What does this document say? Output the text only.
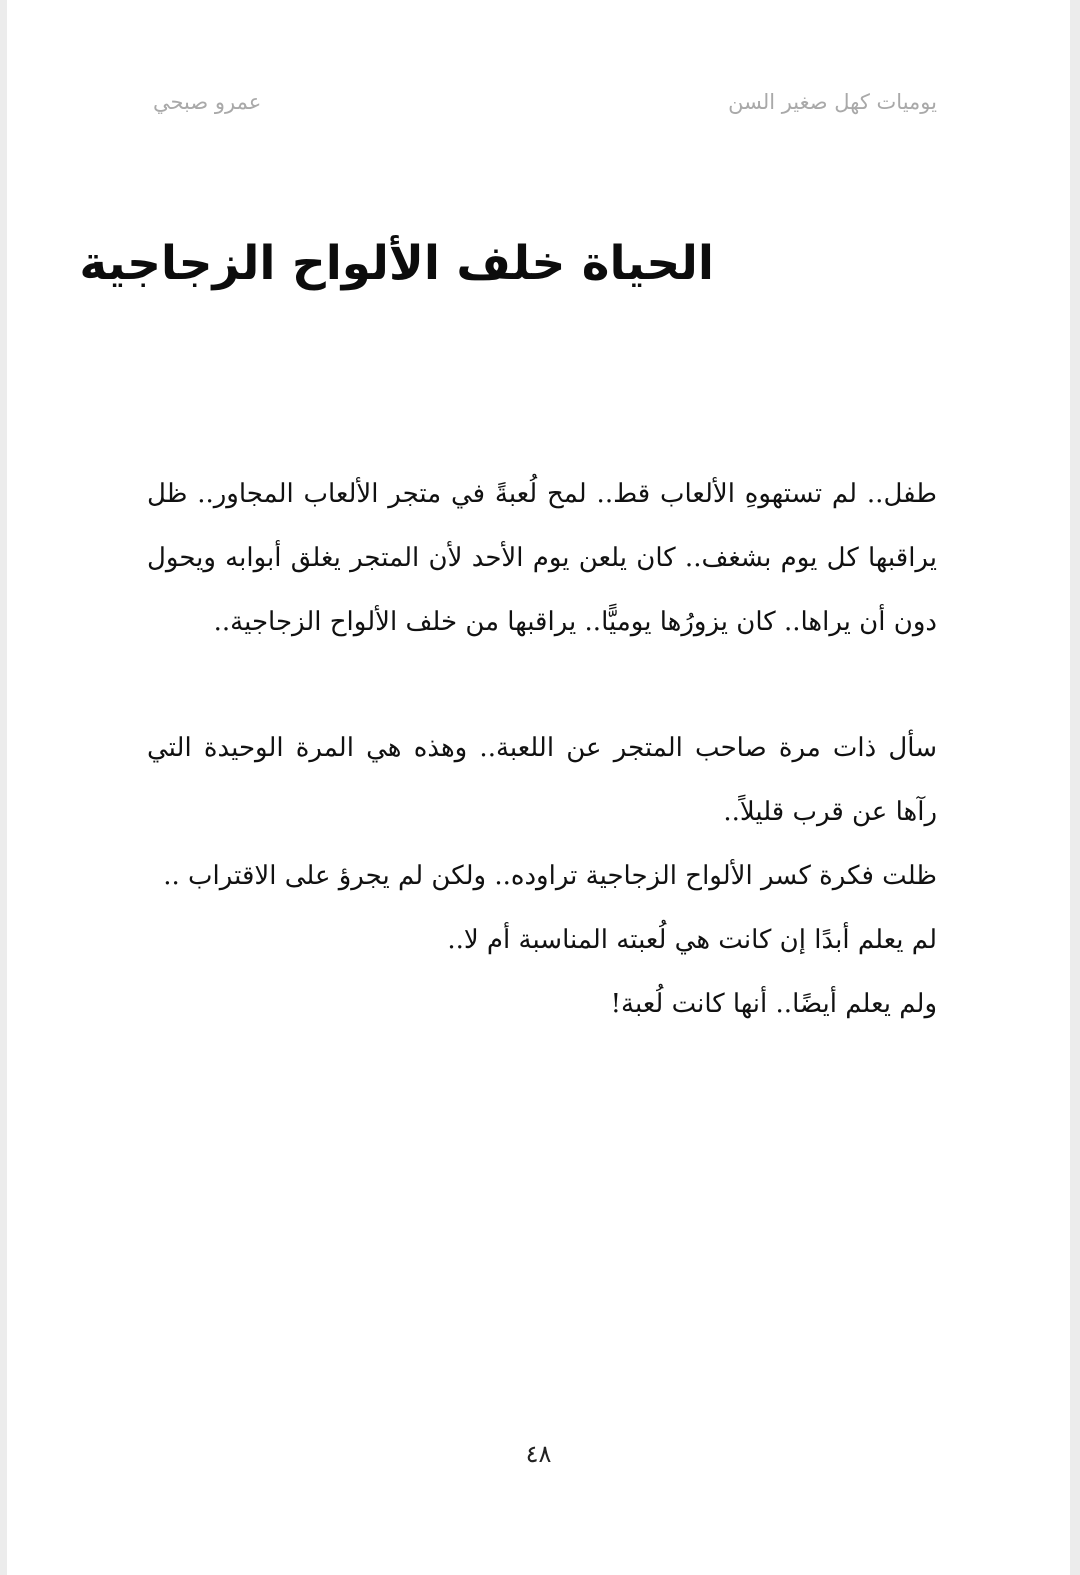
يوميات كهل صغير السن
عمرو صبحي
الحياة خلف الألواح الزجاجية

طفل.. لم تستهوهِ الألعاب قط.. لمح لُعبةً في متجر الألعاب المجاور.. ظل يراقبها كل يوم بشغف.. كان يلعن يوم الأحد لأن المتجر يغلق أبوابه ويحول دون أن يراها.. كان يزورُها يوميًّا.. يراقبها من خلف الألواح الزجاجية..

سأل ذات مرة صاحب المتجر عن اللعبة.. وهذه هي المرة الوحيدة التي رآها عن قرب قليلاً..

ظلت فكرة كسر الألواح الزجاجية تراوده.. ولكن لم يجرؤ على الاقتراب ..

لم يعلم أبدًا إن كانت هي لُعبته المناسبة أم لا..

ولم يعلم أيضًا.. أنها كانت لُعبة!

٤٨
